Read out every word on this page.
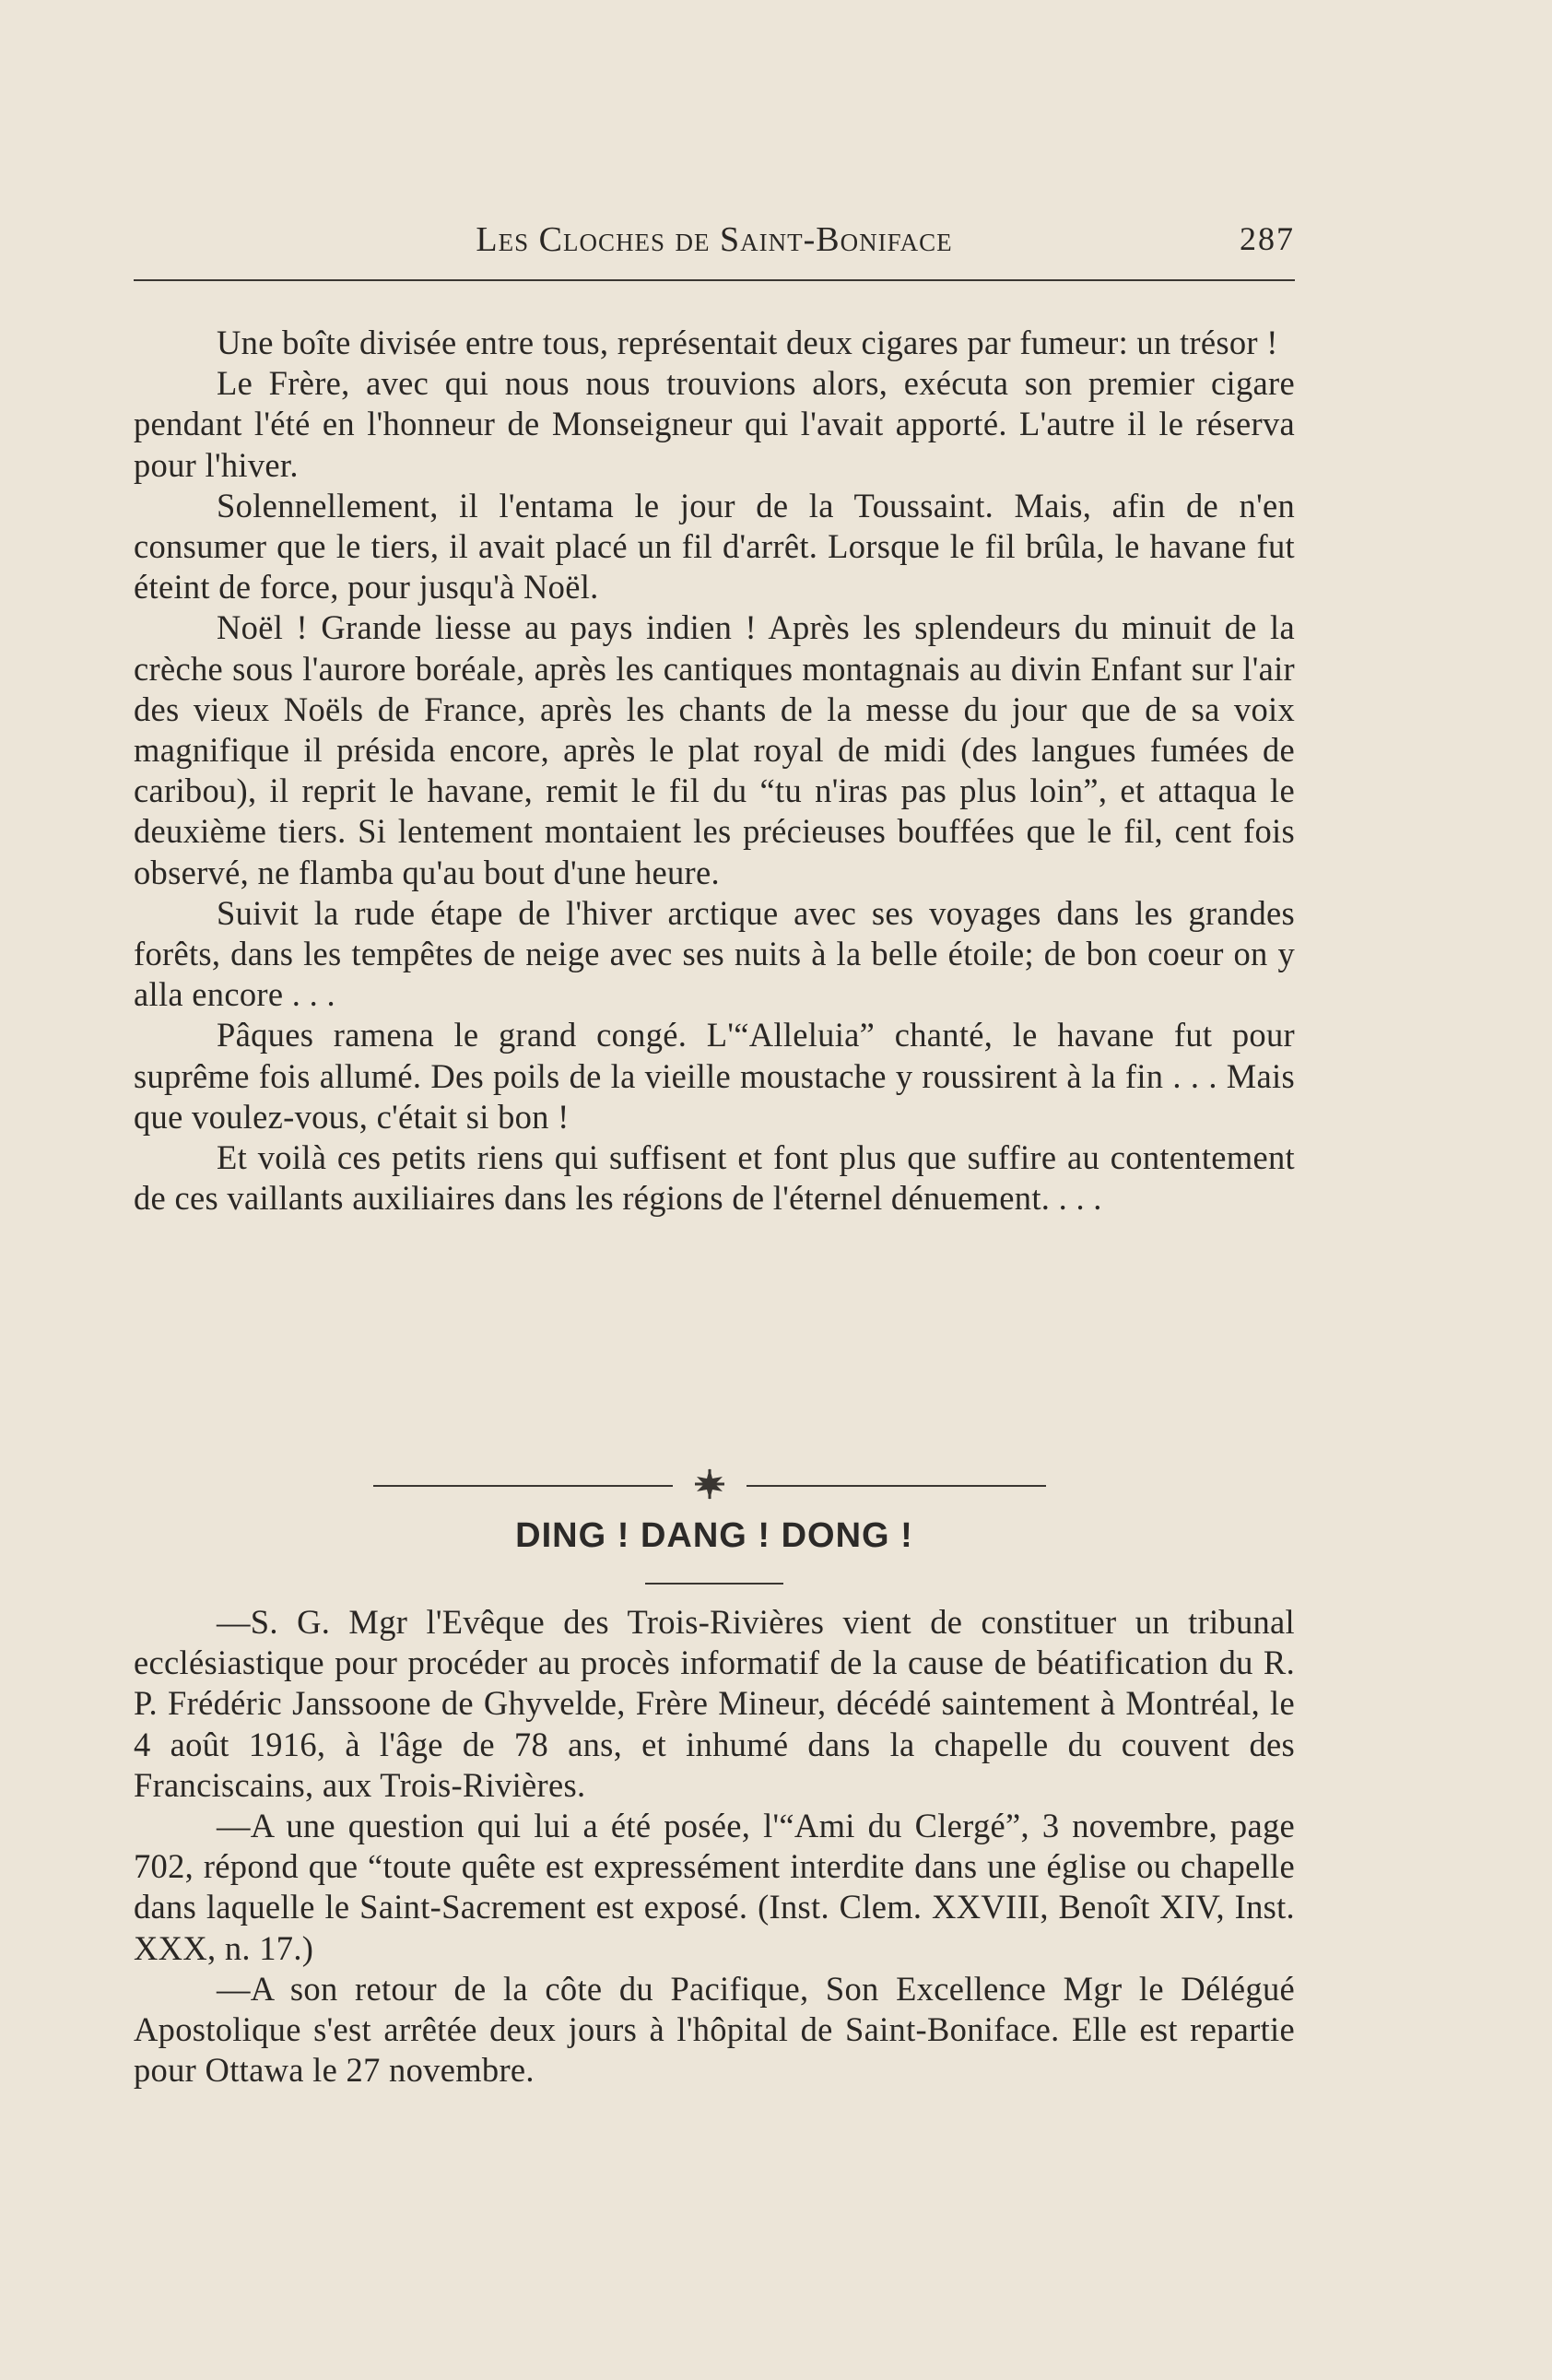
Les Cloches de Saint-Boniface	287

Une boîte divisée entre tous, représentait deux cigares par fumeur: un trésor !

Le Frère, avec qui nous nous trouvions alors, exécuta son premier cigare pendant l'été en l'honneur de Monseigneur qui l'avait apporté. L'autre il le réserva pour l'hiver.

Solennellement, il l'entama le jour de la Toussaint. Mais, afin de n'en consumer que le tiers, il avait placé un fil d'arrêt. Lorsque le fil brûla, le havane fut éteint de force, pour jusqu'à Noël.

Noël ! Grande liesse au pays indien ! Après les splendeurs du minuit de la crèche sous l'aurore boréale, après les cantiques montagnais au divin Enfant sur l'air des vieux Noëls de France, après les chants de la messe du jour que de sa voix magnifique il présida encore, après le plat royal de midi (des langues fumées de caribou), il reprit le havane, remit le fil du “tu n'iras pas plus loin”, et attaqua le deuxième tiers. Si lentement montaient les précieuses bouffées que le fil, cent fois observé, ne flamba qu'au bout d'une heure.

Suivit la rude étape de l'hiver arctique avec ses voyages dans les grandes forêts, dans les tempêtes de neige avec ses nuits à la belle étoile; de bon coeur on y alla encore . . .

Pâques ramena le grand congé. L'“Alleluia” chanté, le havane fut pour suprême fois allumé. Des poils de la vieille moustache y roussirent à la fin . . . Mais que voulez-vous, c'était si bon !

Et voilà ces petits riens qui suffisent et font plus que suffire au contentement de ces vaillants auxiliaires dans les régions de l'éternel dénuement. . . .

DING ! DANG ! DONG !

—S. G. Mgr l'Evêque des Trois-Rivières vient de constituer un tribunal ecclésiastique pour procéder au procès informatif de la cause de béatification du R. P. Frédéric Janssoone de Ghyvelde, Frère Mineur, décédé saintement à Montréal, le 4 août 1916, à l'âge de 78 ans, et inhumé dans la chapelle du couvent des Franciscains, aux Trois-Rivières.

—A une question qui lui a été posée, l'“Ami du Clergé”, 3 novembre, page 702, répond que “toute quête est expressément interdite dans une église ou chapelle dans laquelle le Saint-Sacrement est exposé. (Inst. Clem. XXVIII, Benoît XIV, Inst. XXX, n. 17.)

—A son retour de la côte du Pacifique, Son Excellence Mgr le Délégué Apostolique s'est arrêtée deux jours à l'hôpital de Saint-Boniface. Elle est repartie pour Ottawa le 27 novembre.
